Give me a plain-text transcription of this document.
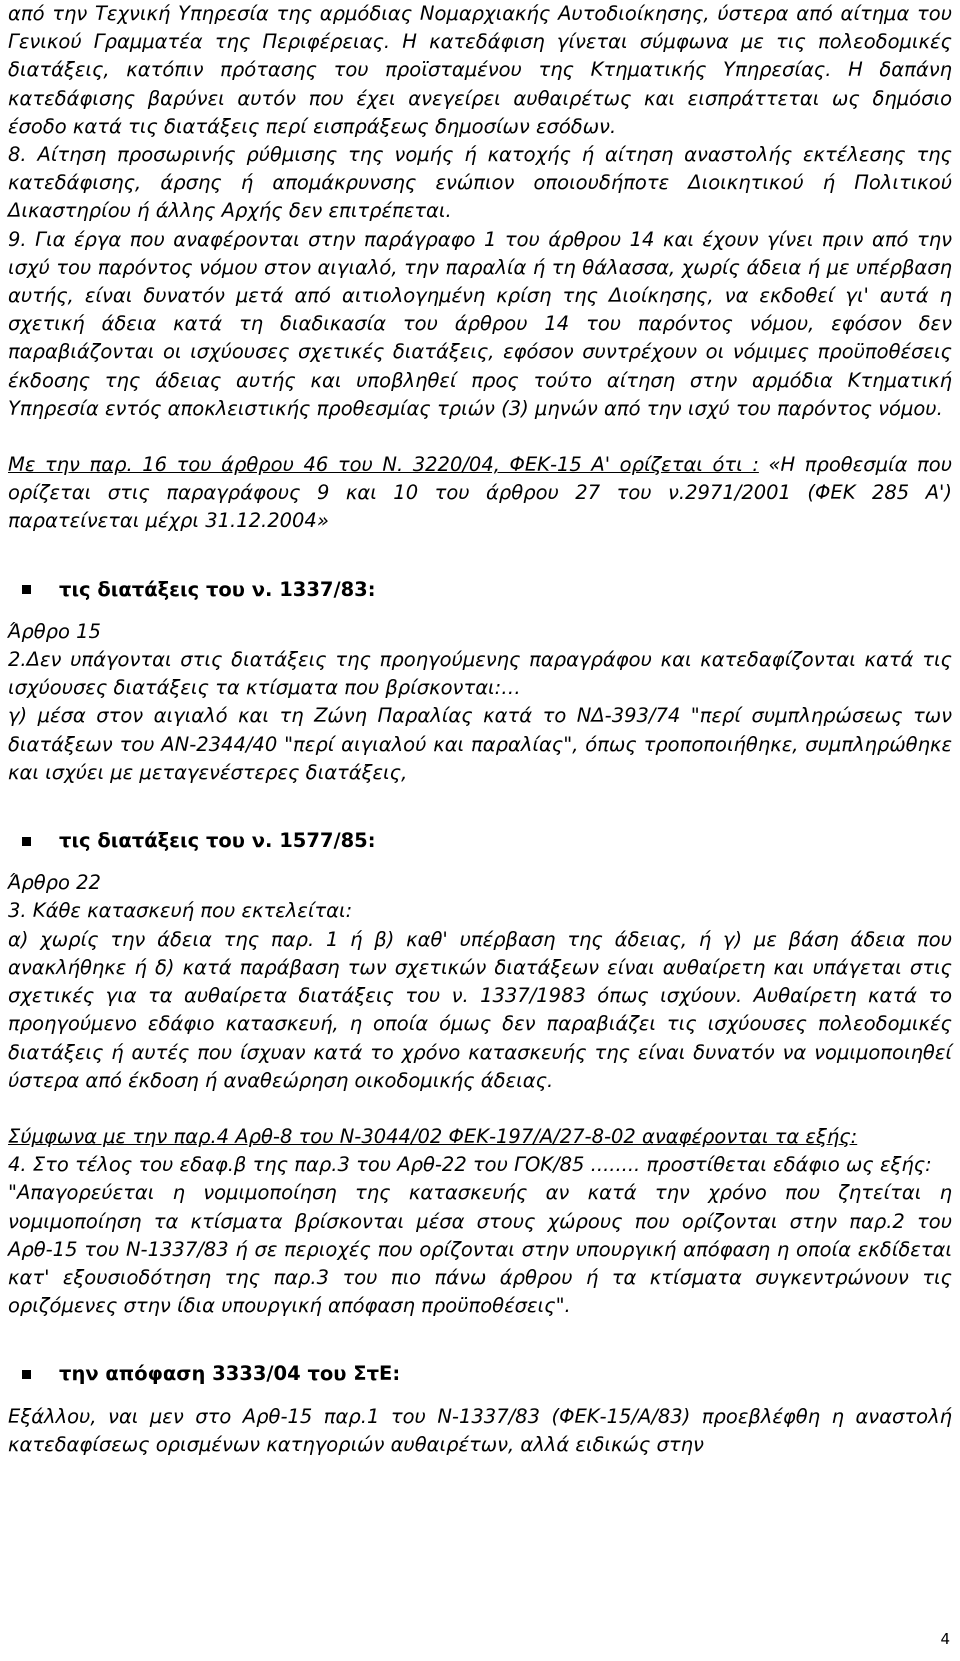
από την Τεχνική Υπηρεσία της αρμόδιας Νομαρχιακής Αυτοδιοίκησης, ύστερα από αίτημα του Γενικού Γραμματέα της Περιφέρειας. Η κατεδάφιση γίνεται σύμφωνα με τις πολεοδομικές διατάξεις, κατόπιν πρότασης του προϊσταμένου της Κτηματικής Υπηρεσίας. Η δαπάνη κατεδάφισης βαρύνει αυτόν που έχει ανεγείρει αυθαιρέτως και εισπράττεται ως δημόσιο έσοδο κατά τις διατάξεις περί εισπράξεως δημοσίων εσόδων.

8. Αίτηση προσωρινής ρύθμισης της νομής ή κατοχής ή αίτηση αναστολής εκτέλεσης της κατεδάφισης, άρσης ή απομάκρυνσης ενώπιον οποιουδήποτε Διοικητικού ή Πολιτικού Δικαστηρίου ή άλλης Αρχής δεν επιτρέπεται.

9. Για έργα που αναφέρονται στην παράγραφο 1 του άρθρου 14 και έχουν γίνει πριν από την ισχύ του παρόντος νόμου στον αιγιαλό, την παραλία ή τη θάλασσα, χωρίς άδεια ή με υπέρβαση αυτής, είναι δυνατόν μετά από αιτιολογημένη κρίση της Διοίκησης, να εκδοθεί γι' αυτά η σχετική άδεια κατά τη διαδικασία του άρθρου 14 του παρόντος νόμου, εφόσον δεν παραβιάζονται οι ισχύουσες σχετικές διατάξεις, εφόσον συντρέχουν οι νόμιμες προϋποθέσεις έκδοσης της άδειας αυτής και υποβληθεί προς τούτο αίτηση στην αρμόδια Κτηματική Υπηρεσία εντός αποκλειστικής προθεσμίας τριών (3) μηνών από την ισχύ του παρόντος νόμου.

Με την παρ. 16 του άρθρου 46 του Ν. 3220/04, ΦΕΚ-15 Α' ορίζεται ότι : «Η προθεσμία που ορίζεται στις παραγράφους 9 και 10 του άρθρου 27 του ν.2971/2001 (ΦΕΚ 285 Α') παρατείνεται μέχρι 31.12.2004»

τις διατάξεις του ν. 1337/83:

Άρθρο 15

2.Δεν υπάγονται στις διατάξεις της προηγούμενης παραγράφου και κατεδαφίζονται κατά τις ισχύουσες διατάξεις τα κτίσματα που βρίσκονται:…

γ) μέσα στον αιγιαλό και τη Ζώνη Παραλίας κατά το ΝΔ-393/74 "περί συμπληρώσεως των διατάξεων του ΑΝ-2344/40 "περί αιγιαλού και παραλίας", όπως τροποποιήθηκε, συμπληρώθηκε και ισχύει με μεταγενέστερες διατάξεις,

τις διατάξεις του ν. 1577/85:

Άρθρο 22

3. Κάθε κατασκευή που εκτελείται:

α) χωρίς την άδεια της παρ. 1 ή β) καθ' υπέρβαση της άδειας, ή γ) με βάση άδεια που ανακλήθηκε ή δ) κατά παράβαση των σχετικών διατάξεων είναι αυθαίρετη και υπάγεται στις σχετικές για τα αυθαίρετα διατάξεις του ν. 1337/1983 όπως ισχύουν. Αυθαίρετη κατά το προηγούμενο εδάφιο κατασκευή, η οποία όμως δεν παραβιάζει τις ισχύουσες πολεοδομικές διατάξεις ή αυτές που ίσχυαν κατά το χρόνο κατασκευής της είναι δυνατόν να νομιμοποιηθεί ύστερα από έκδοση ή αναθεώρηση οικοδομικής άδειας.

Σύμφωνα με την παρ.4 Αρθ-8 του Ν-3044/02 ΦΕΚ-197/Α/27-8-02 αναφέρονται τα εξής:

4. Στο τέλος του εδαφ.β της παρ.3 του Αρθ-22 του ΓΟΚ/85 ........ προστίθεται εδάφιο ως εξής:

"Απαγορεύεται η νομιμοποίηση της κατασκευής αν κατά την χρόνο που ζητείται η νομιμοποίηση τα κτίσματα βρίσκονται μέσα στους χώρους που ορίζονται στην παρ.2 του Αρθ-15 του Ν-1337/83 ή σε περιοχές που ορίζονται στην υπουργική απόφαση η οποία εκδίδεται κατ' εξουσιοδότηση της παρ.3 του πιο πάνω άρθρου ή τα κτίσματα συγκεντρώνουν τις οριζόμενες στην ίδια υπουργική απόφαση προϋποθέσεις".

την απόφαση 3333/04 του ΣτΕ:

Εξάλλου, ναι μεν στο Αρθ-15 παρ.1 του Ν-1337/83 (ΦΕΚ-15/Α/83) προεβλέφθη η αναστολή κατεδαφίσεως ορισμένων κατηγοριών αυθαιρέτων, αλλά ειδικώς στην

4
